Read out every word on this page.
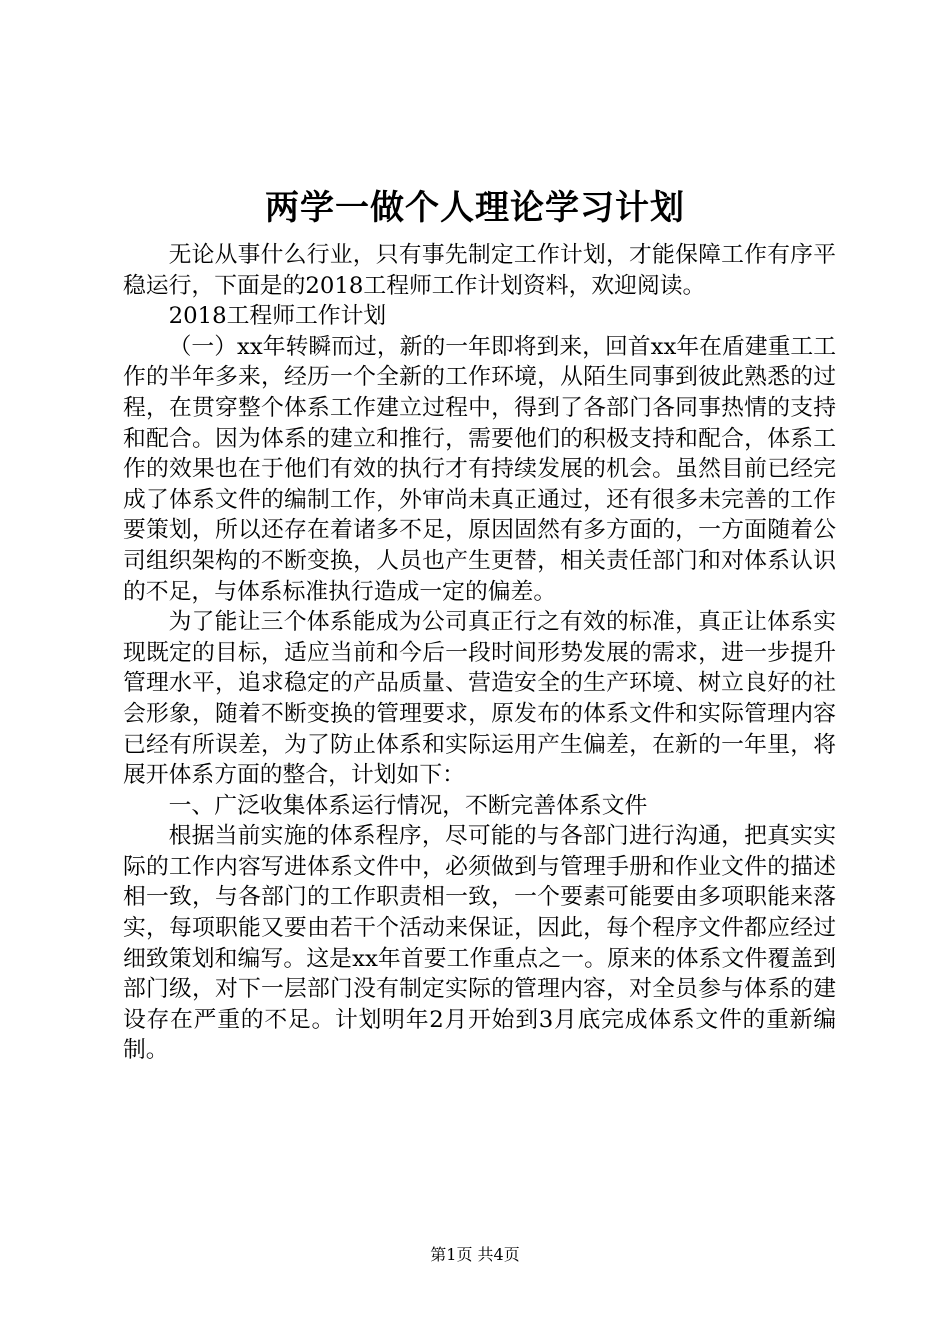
两学一做个人理论学习计划

无论从事什么行业，只有事先制定工作计划，才能保障工作有序平稳运行，下面是的2018工程师工作计划资料，欢迎阅读。

2018工程师工作计划

（一）xx年转瞬而过，新的一年即将到来，回首xx年在盾建重工工作的半年多来，经历一个全新的工作环境，从陌生同事到彼此熟悉的过程，在贯穿整个体系工作建立过程中，得到了各部门各同事热情的支持和配合。因为体系的建立和推行，需要他们的积极支持和配合，体系工作的效果也在于他们有效的执行才有持续发展的机会。虽然目前已经完成了体系文件的编制工作，外审尚未真正通过，还有很多未完善的工作要策划，所以还存在着诸多不足，原因固然有多方面的，一方面随着公司组织架构的不断变换，人员也产生更替，相关责任部门和对体系认识的不足，与体系标准执行造成一定的偏差。

为了能让三个体系能成为公司真正行之有效的标准，真正让体系实现既定的目标，适应当前和今后一段时间形势发展的需求，进一步提升管理水平，追求稳定的产品质量、营造安全的生产环境、树立良好的社会形象，随着不断变换的管理要求，原发布的体系文件和实际管理内容已经有所误差，为了防止体系和实际运用产生偏差，在新的一年里，将展开体系方面的整合，计划如下：

一、广泛收集体系运行情况，不断完善体系文件

根据当前实施的体系程序，尽可能的与各部门进行沟通，把真实实际的工作内容写进体系文件中，必须做到与管理手册和作业文件的描述相一致，与各部门的工作职责相一致，一个要素可能要由多项职能来落实，每项职能又要由若干个活动来保证，因此，每个程序文件都应经过细致策划和编写。这是xx年首要工作重点之一。原来的体系文件覆盖到部门级，对下一层部门没有制定实际的管理内容，对全员参与体系的建设存在严重的不足。计划明年2月开始到3月底完成体系文件的重新编制。

第1页 共4页
